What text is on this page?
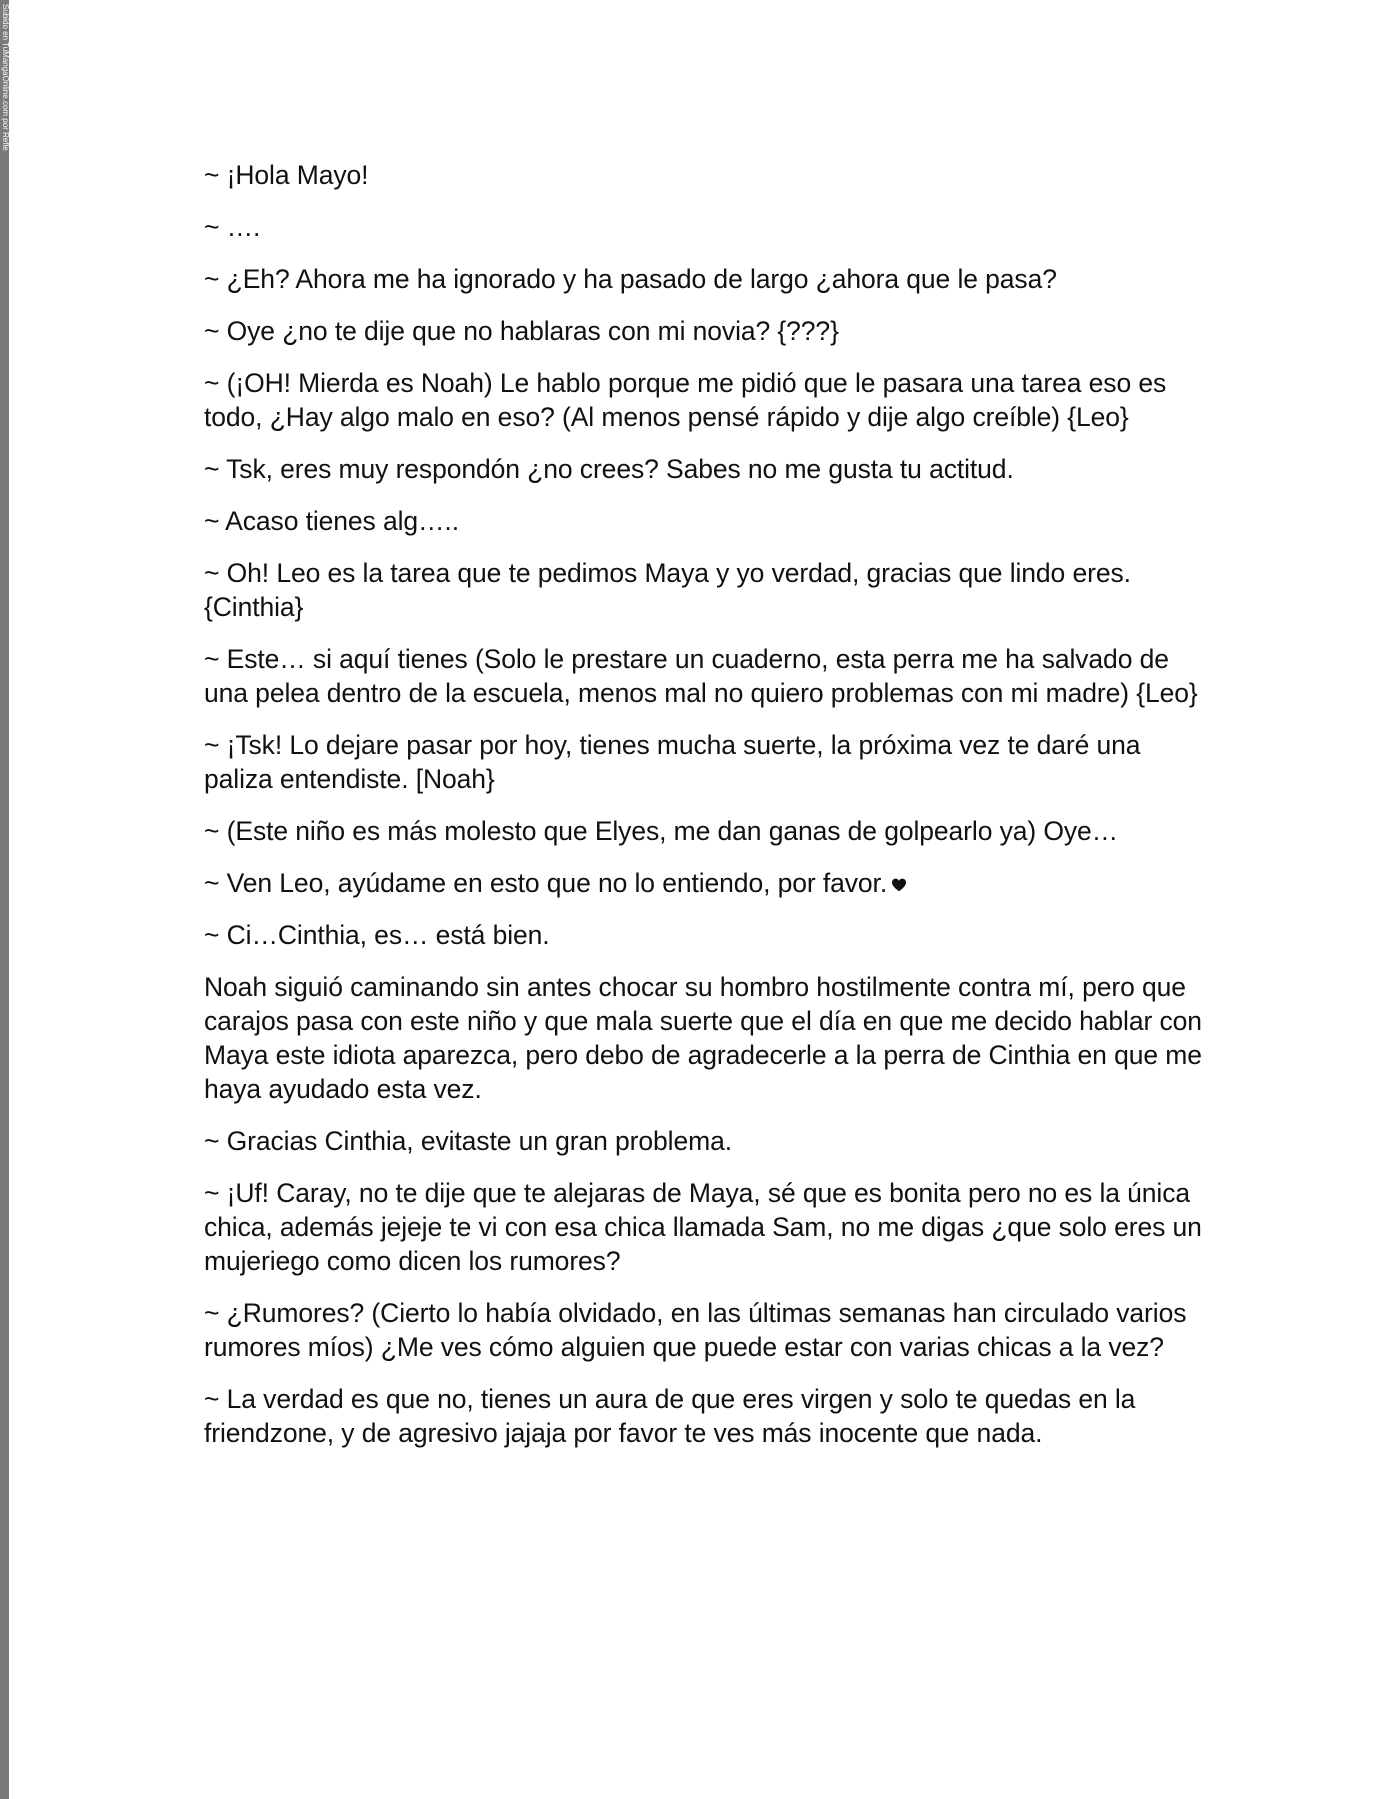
Subido en TuMangaOnline.com por Refle

~ ¡Hola Mayo!

~ ….

~ ¿Eh? Ahora me ha ignorado y ha pasado de largo ¿ahora que le pasa?

~ Oye ¿no te dije que no hablaras con mi novia? {???}

~ (¡OH! Mierda es Noah) Le hablo porque me pidió que le pasara una tarea eso es todo, ¿Hay algo malo en eso? (Al menos pensé rápido y dije algo creíble) {Leo}

~ Tsk, eres muy respondón ¿no crees? Sabes no me gusta tu actitud.

~ Acaso tienes alg…..

~ Oh! Leo es la tarea que te pedimos Maya y yo verdad, gracias que lindo eres. {Cinthia}

~ Este… si aquí tienes (Solo le prestare un cuaderno, esta perra me ha salvado de una pelea dentro de la escuela, menos mal no quiero problemas con mi madre) {Leo}

~ ¡Tsk! Lo dejare pasar por hoy, tienes mucha suerte, la próxima vez te daré una paliza entendiste. [Noah}

~ (Este niño es más molesto que Elyes, me dan ganas de golpearlo ya) Oye…

~ Ven Leo, ayúdame en esto que no lo entiendo, por favor.

~ Ci…Cinthia, es… está bien.

Noah siguió caminando sin antes chocar su hombro hostilmente contra mí, pero que carajos pasa con este niño y que mala suerte que el día en que me decido hablar con Maya este idiota aparezca, pero debo de agradecerle a la perra de Cinthia en que me haya ayudado esta vez.

~ Gracias Cinthia, evitaste un gran problema.

~ ¡Uf! Caray, no te dije que te alejaras de Maya, sé que es bonita pero no es la única chica, además jejeje te vi con esa chica llamada Sam, no me digas ¿que solo eres un mujeriego como dicen los rumores?

~ ¿Rumores? (Cierto lo había olvidado, en las últimas semanas han circulado varios rumores míos) ¿Me ves cómo alguien que puede estar con varias chicas a la vez?

~ La verdad es que no, tienes un aura de que eres virgen y solo te quedas en la friendzone, y de agresivo jajaja por favor te ves más inocente que nada.
